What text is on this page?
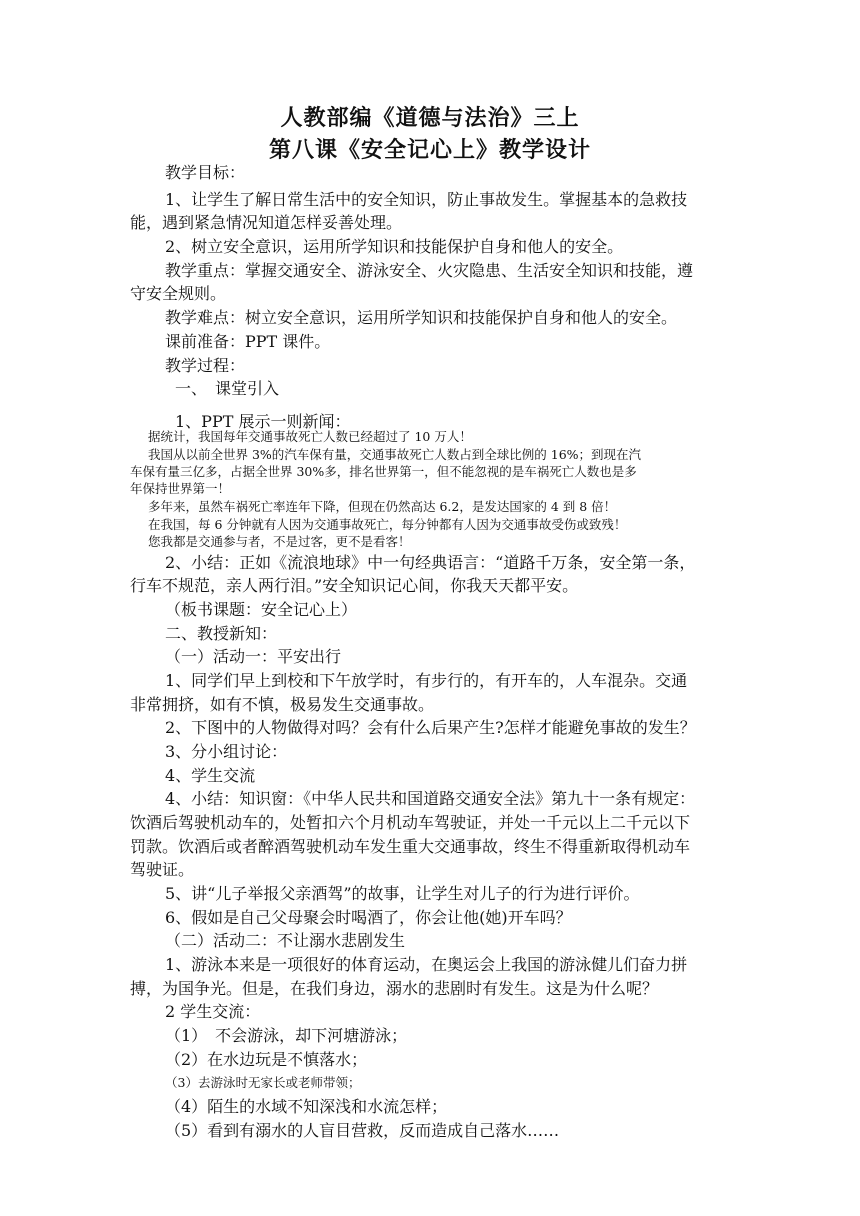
人教部编《道德与法治》三上
第八课《安全记心上》教学设计
教学目标：
1、让学生了解日常生活中的安全知识，防止事故发生。掌握基本的急救技
能，遇到紧急情况知道怎样妥善处理。
2、树立安全意识，运用所学知识和技能保护自身和他人的安全。
教学重点：掌握交通安全、游泳安全、火灾隐患、生活安全知识和技能，遵
守安全规则。
教学难点：树立安全意识，运用所学知识和技能保护自身和他人的安全。
课前准备：PPT 课件。
教学过程：
一、　课堂引入
1、PPT 展示一则新闻：
据统计，我国每年交通事故死亡人数已经超过了 10 万人！
我国从以前全世界 3%的汽车保有量，交通事故死亡人数占到全球比例的 16%；到现在汽
车保有量三亿多，占据全世界 30%多，排名世界第一，但不能忽视的是车祸死亡人数也是多
年保持世界第一！
多年来，虽然车祸死亡率连年下降，但现在仍然高达 6.2，是发达国家的 4 到 8 倍！
在我国，每 6 分钟就有人因为交通事故死亡，每分钟都有人因为交通事故受伤或致残！
您我都是交通参与者，不是过客，更不是看客！
2、小结：正如《流浪地球》中一句经典语言：“道路千万条，安全第一条，
行车不规范，亲人两行泪。”安全知识记心间，你我天天都平安。
（板书课题：安全记心上）
二、教授新知：
（一）活动一：平安出行
1、同学们早上到校和下午放学时，有步行的，有开车的，人车混杂。交通
非常拥挤，如有不慎，极易发生交通事故。
2、下图中的人物做得对吗？会有什么后果产生?怎样才能避免事故的发生？
3、分小组讨论：
4、学生交流
4、小结：知识窗：《中华人民共和国道路交通安全法》第九十一条有规定：
饮酒后驾驶机动车的，处暂扣六个月机动车驾驶证，并处一千元以上二千元以下
罚款。饮酒后或者醉酒驾驶机动车发生重大交通事故，终生不得重新取得机动车
驾驶证。
5、讲“儿子举报父亲酒驾”的故事，让学生对儿子的行为进行评价。
6、假如是自己父母聚会时喝酒了，你会让他(她)开车吗？
（二）活动二：不让溺水悲剧发生
1、游泳本来是一项很好的体育运动，在奥运会上我国的游泳健儿们奋力拼
搏，为国争光。但是，在我们身边，溺水的悲剧时有发生。这是为什么呢？
2 学生交流：
（1）　不会游泳，却下河塘游泳；
（2）在水边玩是不慎落水；
（3）去游泳时无家长或老师带领；
（4）陌生的水域不知深浅和水流怎样；
（5）看到有溺水的人盲目营救，反而造成自己落水……
